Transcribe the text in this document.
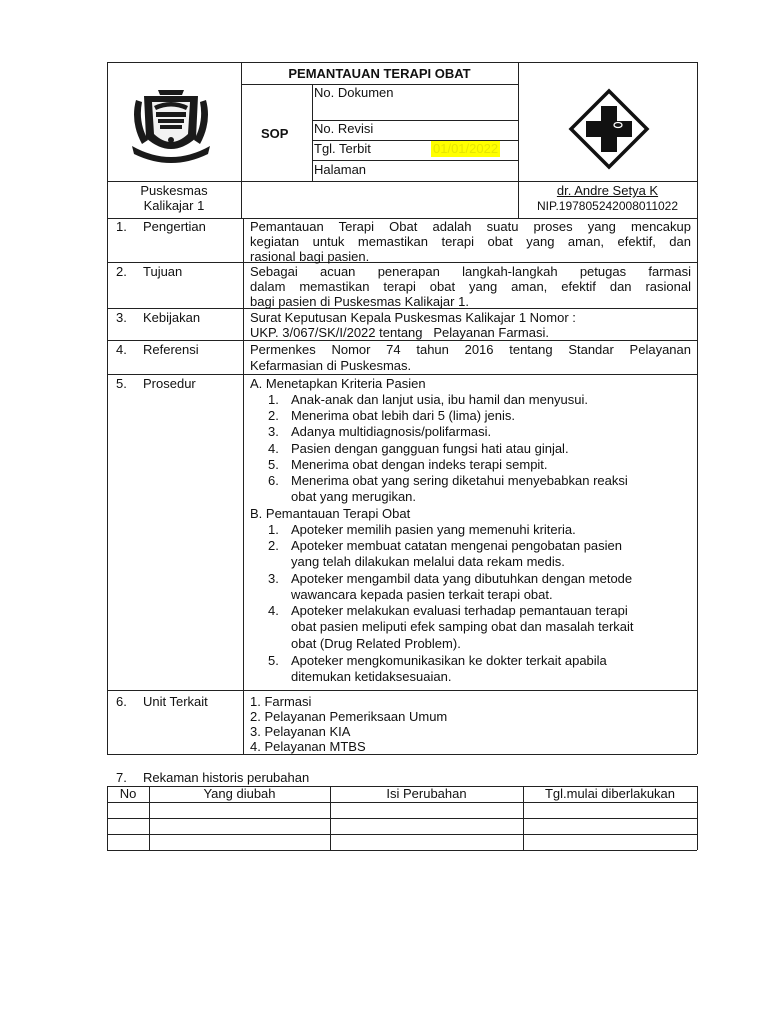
PEMANTAUAN TERAPI OBAT
SOP
No. Dokumen
No. Revisi
Tgl. Terbit	01/01/2022
Halaman
Puskesmas
Kalikajar 1
dr. Andre Setya K
NIP.197805242008011022
1. Pengertian	Pemantauan Terapi Obat adalah suatu proses yang mencakup
kegiatan untuk memastikan terapi obat yang aman, efektif, dan
rasional bagi pasien.
2. Tujuan	Sebagai acuan penerapan langkah-langkah petugas farmasi
dalam memastikan terapi obat yang aman, efektif dan rasional
bagi pasien di Puskesmas Kalikajar 1.
3. Kebijakan	Surat Keputusan Kepala Puskesmas Kalikajar 1 Nomor :
UKP. 3/067/SK/I/2022 tentang   Pelayanan Farmasi.
4. Referensi	Permenkes Nomor 74 tahun 2016 tentang Standar Pelayanan
Kefarmasian di Puskesmas.
5. Prosedur	A. Menetapkan Kriteria Pasien
1. Anak-anak dan lanjut usia, ibu hamil dan menyusui.
2. Menerima obat lebih dari 5 (lima) jenis.
3. Adanya multidiagnosis/polifarmasi.
4. Pasien dengan gangguan fungsi hati atau ginjal.
5. Menerima obat dengan indeks terapi sempit.
6. Menerima obat yang sering diketahui menyebabkan reaksi
obat yang merugikan.
B. Pemantauan Terapi Obat
1. Apoteker memilih pasien yang memenuhi kriteria.
2. Apoteker membuat catatan mengenai pengobatan pasien
yang telah dilakukan melalui data rekam medis.
3. Apoteker mengambil data yang dibutuhkan dengan metode
wawancara kepada pasien terkait terapi obat.
4. Apoteker melakukan evaluasi terhadap pemantauan terapi
obat pasien meliputi efek samping obat dan masalah terkait
obat (Drug Related Problem).
5. Apoteker mengkomunikasikan ke dokter terkait apabila
ditemukan ketidaksesuaian.
6. Unit Terkait	1. Farmasi
2. Pelayanan Pemeriksaan Umum
3. Pelayanan KIA
4. Pelayanan MTBS
7. Rekaman historis perubahan
No	Yang diubah	Isi Perubahan	Tgl.mulai diberlakukan
